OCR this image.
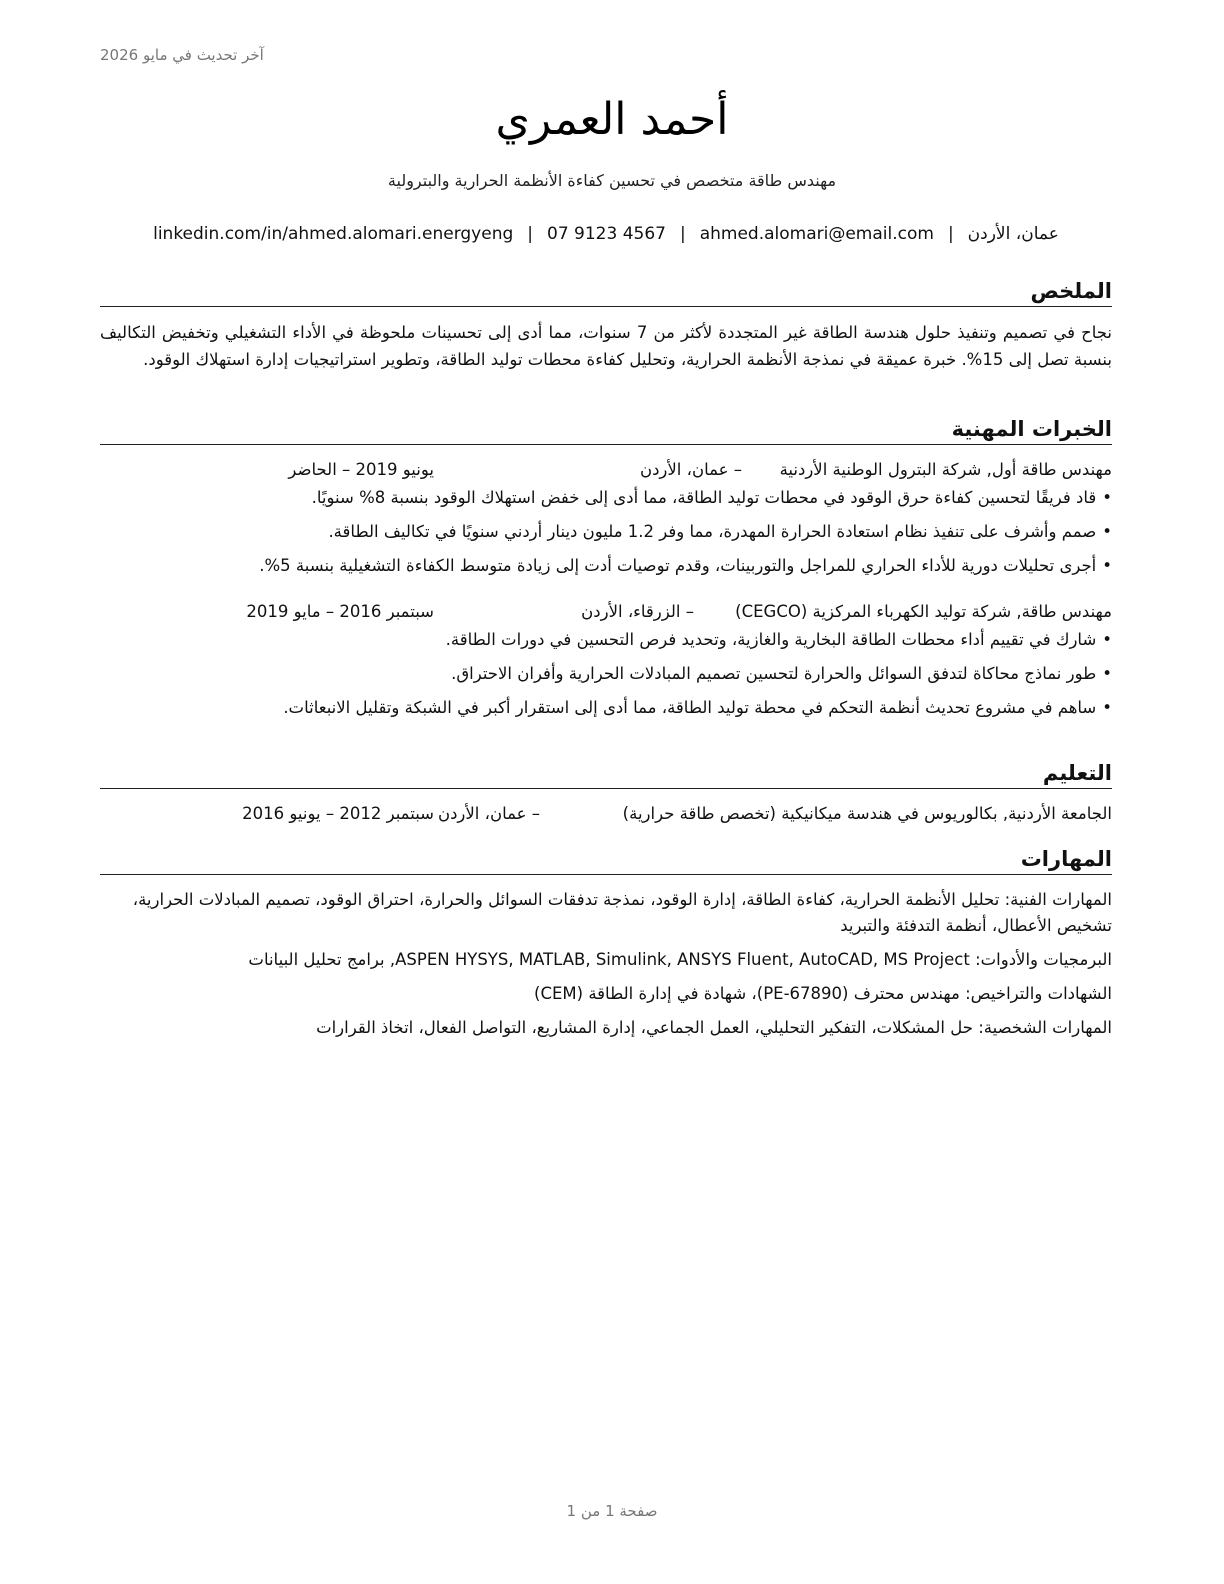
آخر تحديث في مايو 2026
أحمد العمري
مهندس طاقة متخصص في تحسين كفاءة الأنظمة الحرارية والبترولية
عمان، الأردن|ahmed.alomari@email.com|07 9123 4567|linkedin.com/in/ahmed.alomari.energyeng
الملخص
نجاح في تصميم وتنفيذ حلول هندسة الطاقة غير المتجددة لأكثر من 7 سنوات، مما أدى إلى تحسينات ملحوظة في الأداء التشغيلي وتخفيض التكاليف بنسبة تصل إلى 15%. خبرة عميقة في نمذجة الأنظمة الحرارية، وتحليل كفاءة محطات توليد الطاقة، وتطوير استراتيجيات إدارة استهلاك الوقود.
الخبرات المهنية
مهندس طاقة أول, شركة البترول الوطنية الأردنية
– عمان، الأردن
يونيو 2019 – الحاضر
•قاد فريقًا لتحسين كفاءة حرق الوقود في محطات توليد الطاقة، مما أدى إلى خفض استهلاك الوقود بنسبة 8% سنويًا.
•صمم وأشرف على تنفيذ نظام استعادة الحرارة المهدرة، مما وفر 1.2 مليون دينار أردني سنويًا في تكاليف الطاقة.
•أجرى تحليلات دورية للأداء الحراري للمراجل والتوربينات، وقدم توصيات أدت إلى زيادة متوسط الكفاءة التشغيلية بنسبة 5%.
مهندس طاقة, شركة توليد الكهرباء المركزية (CEGCO)
– الزرقاء، الأردن
سبتمبر 2016 – مايو 2019
•شارك في تقييم أداء محطات الطاقة البخارية والغازية، وتحديد فرص التحسين في دورات الطاقة.
•طور نماذج محاكاة لتدفق السوائل والحرارة لتحسين تصميم المبادلات الحرارية وأفران الاحتراق.
•ساهم في مشروع تحديث أنظمة التحكم في محطة توليد الطاقة، مما أدى إلى استقرار أكبر في الشبكة وتقليل الانبعاثات.
التعليم
الجامعة الأردنية, بكالوريوس في هندسة ميكانيكية (تخصص طاقة حرارية)
– عمان، الأردن
سبتمبر 2012 – يونيو 2016
المهارات
المهارات الفنية: تحليل الأنظمة الحرارية، كفاءة الطاقة، إدارة الوقود، نمذجة تدفقات السوائل والحرارة، احتراق الوقود، تصميم المبادلات الحرارية، تشخيص الأعطال، أنظمة التدفئة والتبريد
البرمجيات والأدوات: ASPEN HYSYS, MATLAB, Simulink, ANSYS Fluent, AutoCAD, MS Project, برامج تحليل البيانات
الشهادات والتراخيص: مهندس محترف (PE-67890)، شهادة في إدارة الطاقة (CEM)
المهارات الشخصية: حل المشكلات، التفكير التحليلي، العمل الجماعي، إدارة المشاريع، التواصل الفعال، اتخاذ القرارات
صفحة 1 من 1
